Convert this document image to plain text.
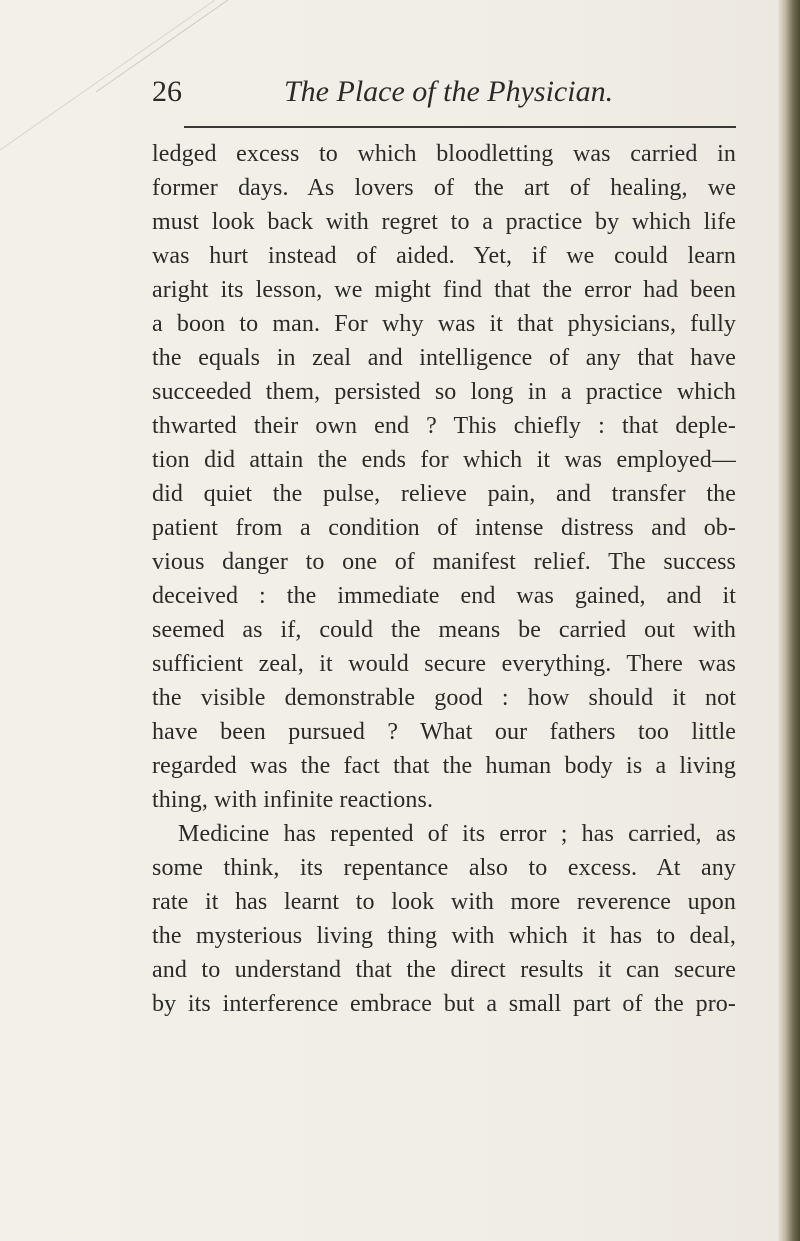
26	The Place of the Physician.
ledged excess to which bloodletting was carried in
former days. As lovers of the art of healing, we
must look back with regret to a practice by which life
was hurt instead of aided. Yet, if we could learn
aright its lesson, we might find that the error had been
a boon to man. For why was it that physicians, fully
the equals in zeal and intelligence of any that have
succeeded them, persisted so long in a practice which
thwarted their own end ? This chiefly : that deple-
tion did attain the ends for which it was employed—
did quiet the pulse, relieve pain, and transfer the
patient from a condition of intense distress and ob-
vious danger to one of manifest relief. The success
deceived : the immediate end was gained, and it
seemed as if, could the means be carried out with
sufficient zeal, it would secure everything. There was
the visible demonstrable good : how should it not
have been pursued ? What our fathers too little
regarded was the fact that the human body is a living
thing, with infinite reactions.
Medicine has repented of its error ; has carried, as
some think, its repentance also to excess. At any
rate it has learnt to look with more reverence upon
the mysterious living thing with which it has to deal,
and to understand that the direct results it can secure
by its interference embrace but a small part of the pro-
